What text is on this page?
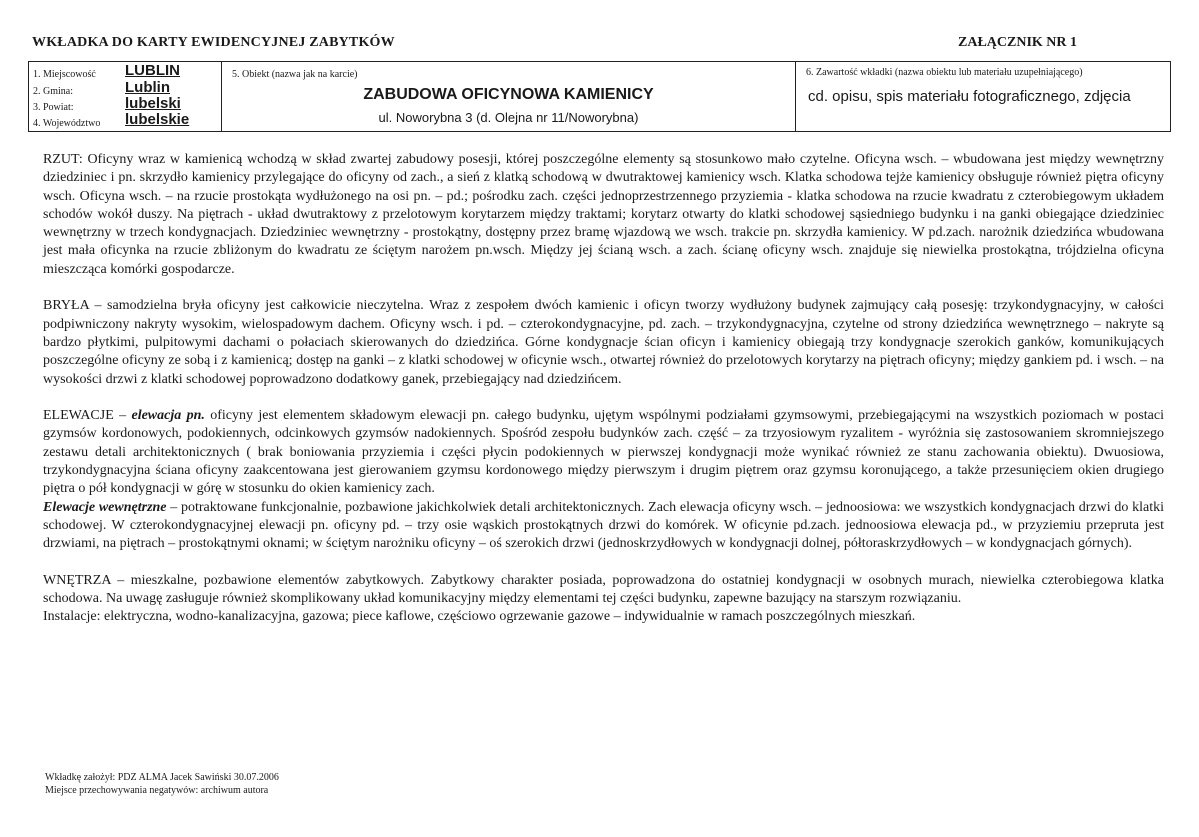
WKŁADKA DO KARTY EWIDENCYJNEJ ZABYTKÓW	ZAŁĄCZNIK NR 1
1. Miejscowość LUBLIN
2. Gmina:	Lublin
3. Powiat:	lubelski
4. Województwo lubelskie
5. Obiekt (nazwa jak na karcie)
ZABUDOWA OFICYNOWA KAMIENICY
ul. Noworybna 3 (d. Olejna nr 11/Noworybna)
6. Zawartość wkładki (nazwa obiektu lub materiału uzupełniającego)
cd. opisu, spis materiału fotograficznego, zdjęcia

RZUT: Oficyny wraz w kamienicą wchodzą w skład zwartej zabudowy posesji, której poszczególne elementy są stosunkowo mało czytelne. Oficyna wsch. – wbudowana jest między wewnętrzny dziedziniec i pn. skrzydło kamienicy przylegające do oficyny od zach., a sień z klatką schodową w dwutraktowej kamienicy wsch. Klatka schodowa tejże kamienicy obsługuje również piętra oficyny wsch. Oficyna wsch. – na rzucie prostokąta wydłużonego na osi pn. – pd.; pośrodku zach. części jednoprzestrzennego przyziemia - klatka schodowa na rzucie kwadratu z czterobiegowym układem schodów wokół duszy. Na piętrach - układ dwutraktowy z przelotowym korytarzem między traktami; korytarz otwarty do klatki schodowej sąsiedniego budynku i na ganki obiegające dziedziniec wewnętrzny w trzech kondygnacjach. Dziedziniec wewnętrzny - prostokątny, dostępny przez bramę wjazdową we wsch. trakcie pn. skrzydła kamienicy. W pd.zach. narożnik dziedzińca wbudowana jest mała oficynka na rzucie zbliżonym do kwadratu ze ściętym narożem pn.wsch. Między jej ścianą wsch. a zach. ścianę oficyny wsch. znajduje się niewielka prostokątna, trójdzielna oficyna mieszcząca komórki gospodarcze.

BRYŁA – samodzielna bryła oficyny jest całkowicie nieczytelna. Wraz z zespołem dwóch kamienic i oficyn tworzy wydłużony budynek zajmujący całą posesję: trzykondygnacyjny, w całości podpiwniczony nakryty wysokim, wielospadowym dachem. Oficyny wsch. i pd. – czterokondygnacyjne, pd. zach. – trzykondygnacyjna, czytelne od strony dziedzińca wewnętrznego – nakryte są bardzo płytkimi, pulpitowymi dachami o połaciach skierowanych do dziedzińca. Górne kondygnacje ścian oficyn i kamienicy obiegają trzy kondygnacje szerokich ganków, komunikujących poszczególne oficyny ze sobą i z kamienicą; dostęp na ganki – z klatki schodowej w oficynie wsch., otwartej również do przelotowych korytarzy na piętrach oficyny; między gankiem pd. i wsch. – na wysokości drzwi z klatki schodowej poprowadzono dodatkowy ganek, przebiegający nad dziedzińcem.

ELEWACJE – elewacja pn. oficyny jest elementem składowym elewacji pn. całego budynku, ujętym wspólnymi podziałami gzymsowymi, przebiegającymi na wszystkich poziomach w postaci gzymsów kordonowych, podokiennych, odcinkowych gzymsów nadokiennych. Spośród zespołu budynków zach. część – za trzyosiowym ryzalitem - wyróżnia się zastosowaniem skromniejszego zestawu detali architektonicznych ( brak boniowania przyziemia i części płycin podokiennych w pierwszej kondygnacji może wynikać również ze stanu zachowania obiektu). Dwuosiowa, trzykondygnacyjna ściana oficyny zaakcentowana jest gierowaniem gzymsu kordonowego między pierwszym i drugim piętrem oraz gzymsu koronującego, a także przesunięciem okien drugiego piętra o pół kondygnacji w górę w stosunku do okien kamienicy zach.

Elewacje wewnętrzne – potraktowane funkcjonalnie, pozbawione jakichkolwiek detali architektonicznych. Zach elewacja oficyny wsch. – jednoosiowa: we wszystkich kondygnacjach drzwi do klatki schodowej. W czterokondygnacyjnej elewacji pn. oficyny pd. – trzy osie wąskich prostokątnych drzwi do komórek. W oficynie pd.zach. jednoosiowa elewacja pd., w przyziemiu przepruta jest drzwiami, na piętrach – prostokątnymi oknami; w ściętym narożniku oficyny – oś szerokich drzwi (jednoskrzydłowych w kondygnacji dolnej, półtoraskrzydłowych – w kondygnacjach górnych).

WNĘTRZA – mieszkalne, pozbawione elementów zabytkowych. Zabytkowy charakter posiada, poprowadzona do ostatniej kondygnacji w osobnych murach, niewielka czterobiegowa klatka schodowa. Na uwagę zasługuje również skomplikowany układ komunikacyjny między elementami tej części budynku, zapewne bazujący na starszym rozwiązaniu.

Instalacje: elektryczna, wodno-kanalizacyjna, gazowa; piece kaflowe, częściowo ogrzewanie gazowe – indywidualnie w ramach poszczególnych mieszkań.

Wkładkę założył: PDZ ALMA Jacek Sawiński 30.07.2006
Miejsce przechowywania negatywów: archiwum autora
